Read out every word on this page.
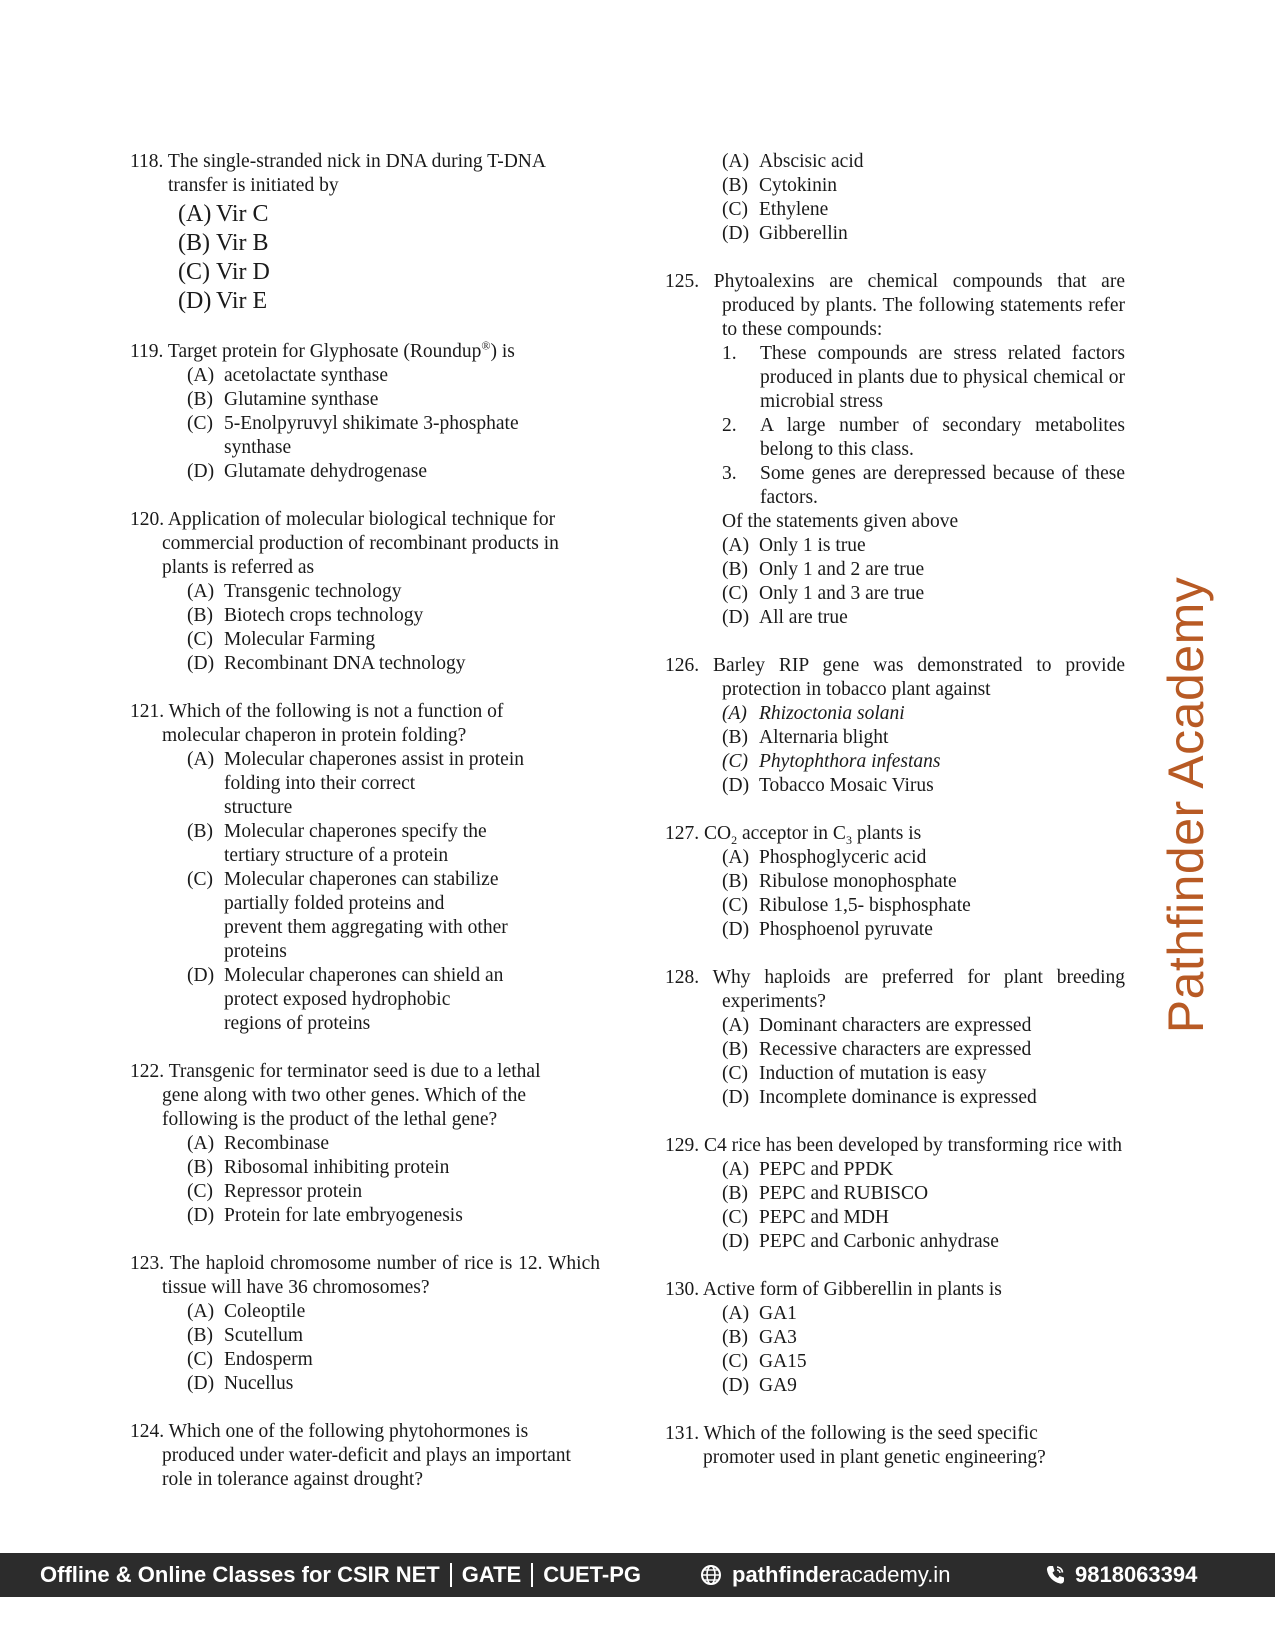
118. The single-stranded nick in DNA during T-DNA transfer is initiated by
(A) Vir C
(B) Vir B
(C) Vir D
(D) Vir E
119. Target protein for Glyphosate (Roundup®) is
(A) acetolactate synthase
(B) Glutamine synthase
(C) 5-Enolpyruvyl shikimate 3-phosphate synthase
(D) Glutamate dehydrogenase
120. Application of molecular biological technique for commercial production of recombinant products in plants is referred as
(A) Transgenic technology
(B) Biotech crops technology
(C) Molecular Farming
(D) Recombinant DNA technology
121. Which of the following is not a function of molecular chaperon in protein folding?
(A) Molecular chaperones assist in protein folding into their correct
structure
(B) Molecular chaperones specify the tertiary structure of a protein
(C) Molecular chaperones can stabilize partially folded proteins and
prevent them aggregating with other proteins
(D) Molecular chaperones can shield an protect exposed hydrophobic
regions of proteins
122. Transgenic for terminator seed is due to a lethal gene along with two other genes. Which of the following is the product of the lethal gene?
(A) Recombinase
(B) Ribosomal inhibiting protein
(C) Repressor protein
(D) Protein for late embryogenesis
123. The haploid chromosome number of rice is 12. Which tissue will have 36 chromosomes?
(A) Coleoptile
(B) Scutellum
(C) Endosperm
(D) Nucellus
124. Which one of the following phytohormones is produced under water-deficit and plays an important role in tolerance against drought?
(A) Abscisic acid
(B) Cytokinin
(C) Ethylene
(D) Gibberellin
125. Phytoalexins are chemical compounds that are produced by plants. The following statements refer to these compounds:
1.	These compounds are stress related factors produced in plants due to physical chemical or microbial stress
2.	A large number of secondary metabolites belong to this class.
3.	Some genes are derepressed because of these factors.
Of the statements given above
(A) Only 1 is true
(B) Only 1 and 2 are true
(C) Only 1 and 3 are true
(D) All are true
126. Barley RIP gene was demonstrated to provide protection in tobacco plant against
(A) Rhizoctonia solani
(B) Alternaria blight
(C) Phytophthora infestans
(D) Tobacco Mosaic Virus
127. $CO_2$ acceptor in $C_3$ plants is
(A) Phosphoglyceric acid
(B) Ribulose monophosphate
(C) Ribulose 1,5- bisphosphate
(D) Phosphoenol pyruvate
128. Why haploids are preferred for plant breeding experiments?
(A) Dominant characters are expressed
(B) Recessive characters are expressed
(C) Induction of mutation is easy
(D) Incomplete dominance is expressed
129. C4 rice has been developed by transforming rice with
(A) PEPC and PPDK
(B) PEPC and RUBISCO
(C) PEPC and MDH
(D) PEPC and Carbonic anhydrase
130. Active form of Gibberellin in plants is
(A) GA1
(B) GA3
(C) GA15
(D) GA9
131. Which of the following is the seed specific promoter used in plant genetic engineering?
Pathfinder Academy
Offline & Online Classes for CSIR NET GATE CUET-PG	pathfinder academy.in	9818063394
